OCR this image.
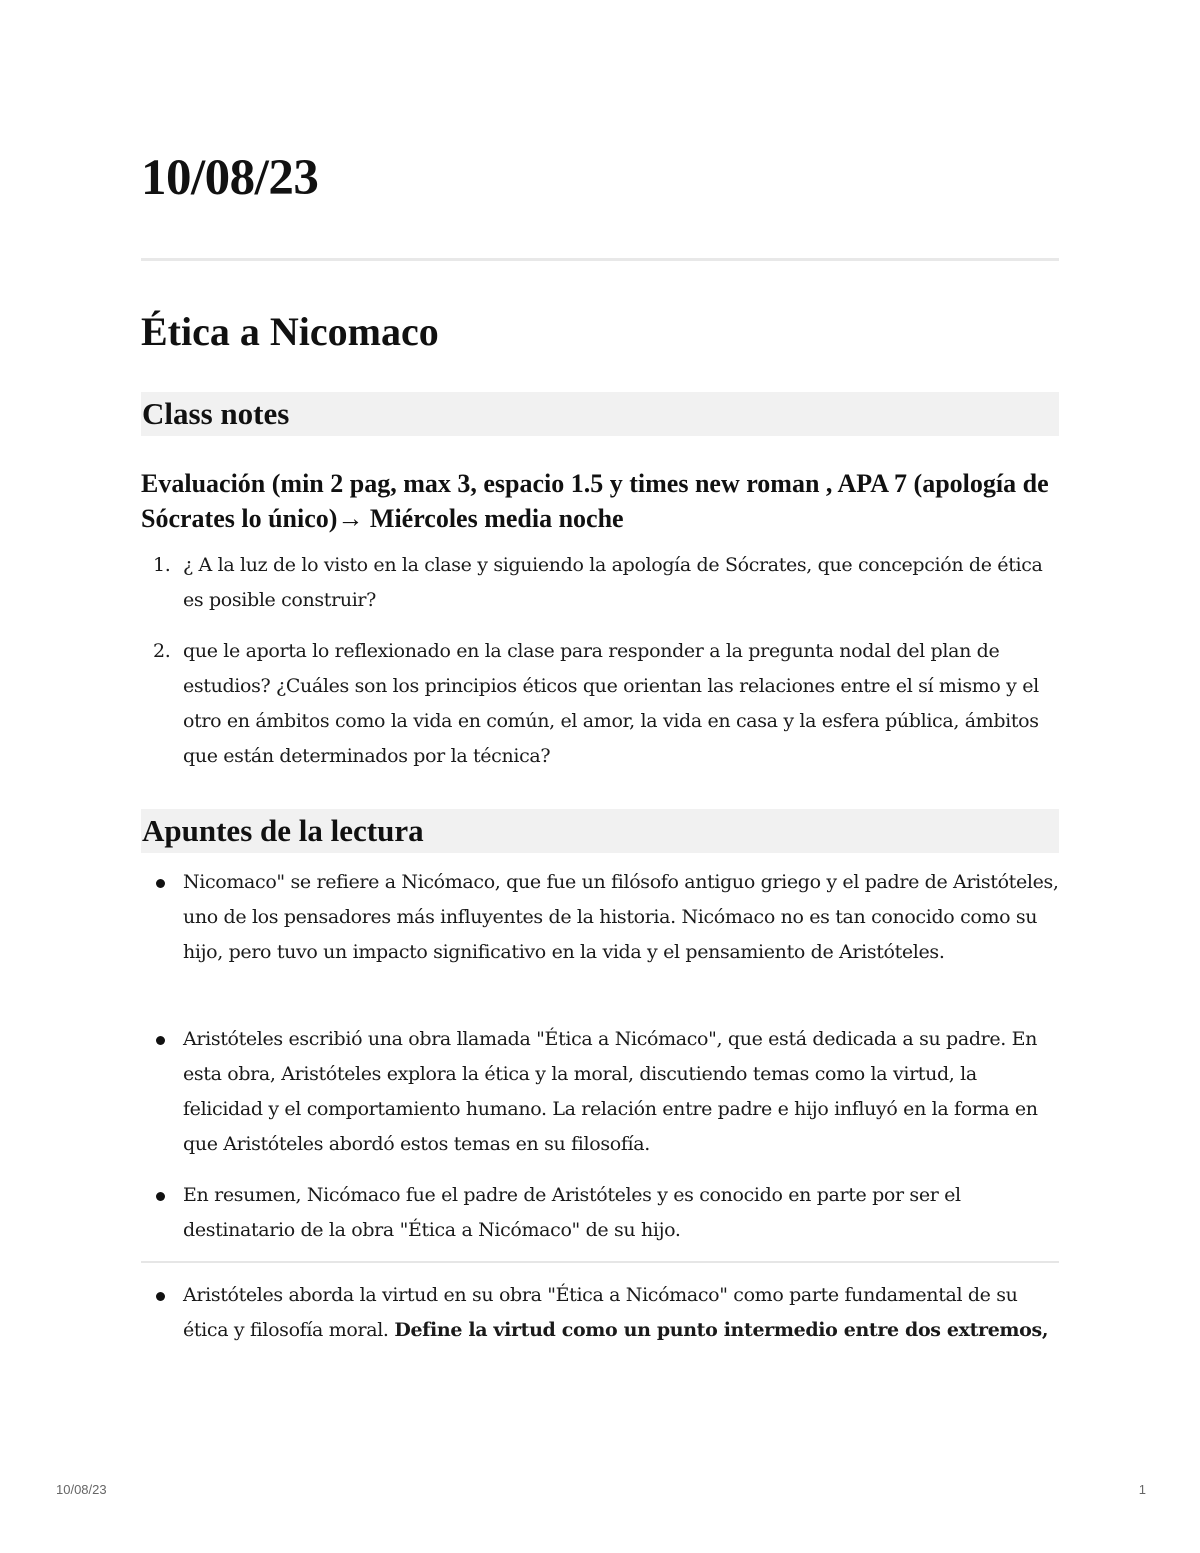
10/08/23
Ética a Nicomaco
Class notes
Evaluación (min 2 pag, max 3, espacio 1.5 y times new roman , APA 7 (apología de Sócrates lo único)→ Miércoles media noche
1. ¿ A la luz de lo visto en la clase y siguiendo la apología de Sócrates, que concepción de ética es posible construir?
2. que le aporta lo reflexionado en la clase para responder a la pregunta nodal del plan de estudios? ¿Cuáles son los principios éticos que orientan las relaciones entre el sí mismo y el otro en ámbitos como la vida en común, el amor, la vida en casa y la esfera pública, ámbitos que están determinados por la técnica?
Apuntes de la lectura
Nicomaco" se refiere a Nicómaco, que fue un filósofo antiguo griego y el padre de Aristóteles, uno de los pensadores más influyentes de la historia. Nicómaco no es tan conocido como su hijo, pero tuvo un impacto significativo en la vida y el pensamiento de Aristóteles.
Aristóteles escribió una obra llamada "Ética a Nicómaco", que está dedicada a su padre. En esta obra, Aristóteles explora la ética y la moral, discutiendo temas como la virtud, la felicidad y el comportamiento humano. La relación entre padre e hijo influyó en la forma en que Aristóteles abordó estos temas en su filosofía.
En resumen, Nicómaco fue el padre de Aristóteles y es conocido en parte por ser el destinatario de la obra "Ética a Nicómaco" de su hijo.
Aristóteles aborda la virtud en su obra "Ética a Nicómaco" como parte fundamental de su ética y filosofía moral. Define la virtud como un punto intermedio entre dos extremos,
10/08/23	1
